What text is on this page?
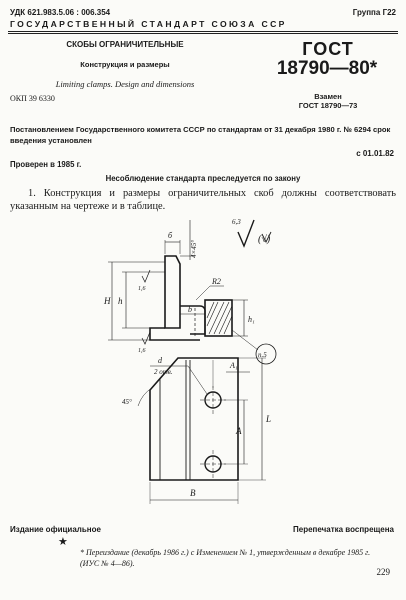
УДК 621.983.5.06 : 006.354	Группа Г22
ГОСУДАРСТВЕННЫЙ СТАНДАРТ СОЮЗА ССР
СКОБЫ ОГРАНИЧИТЕЛЬНЫЕ
Конструкция и размеры
Limiting clamps. Design and dimensions
ОКП 39 6330
ГОСТ
18790—80*
Взамен
ГОСТ 18790—73
Постановлением Государственного комитета СССР по стандартам от 31 декабря 1980 г. № 6294 срок введения установлен
с 01.01.82
Проверен в 1985 г.
Несоблюдение стандарта преследуется по закону
1. Конструкция и размеры ограничительных скоб должны соответствовать указанным на чертеже и в таблице.
6,3
(√)
б
4×45°
H h
1,6
1,6
b
R2
h₁
п.5
d
2 отв.
A₁
45°
A
L
B
Издание официальное	Перепечатка воспрещена
★
* Переиздание (декабрь 1986 г.) с Изменением № 1, утвержденным в декабре 1985 г. (ИУС № 4—86).
229
